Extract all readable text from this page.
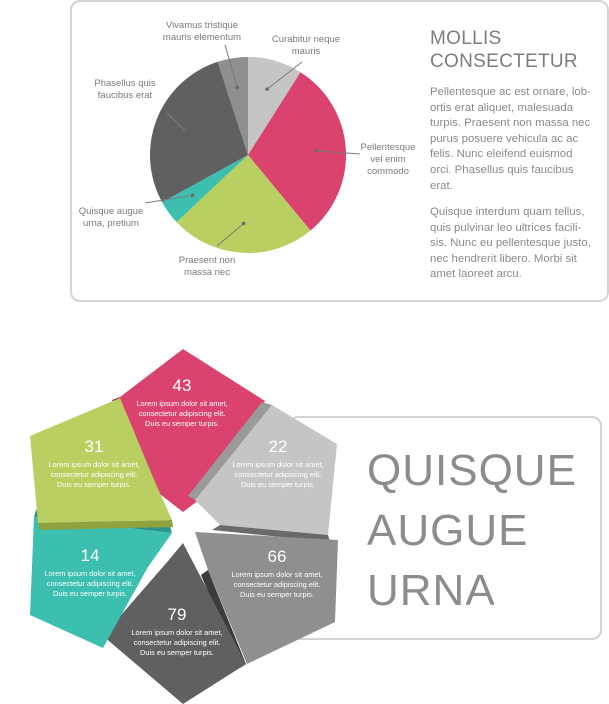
Curabitur neque
mauris
Pellentesque
vel enim
commodo
Praesent non
massa nec
Quisque augue
urna, pretium
Phasellus quis
faucibus erat
Vivamus tristique
mauris elementum	MOLLIS
CONSECTETUR
Pellentesque ac est ornare, lob-
ortis erat aliquet, malesuada
turpis. Praesent non massa nec
purus posuere vehicula ac ac
felis. Nunc eleifend euismod
orci. Phasellus quis faucibus
erat.
Quisque interdum quam tellus,
quis pulvinar leo ultrices facili-
sis. Nunc eu pellentesque justo,
nec hendrerit libero. Morbi sit
amet laoreet arcu.
43
Lorem ipsum dolor sit amet,
consectetur adipiscing elit.
Duis eu semper turpis.
22
Lorem ipsum dolor sit amet,
consectetur adipiscing elit.
Duis eu semper turpis.
66
Lorem ipsum dolor sit amet,
consectetur adipiscing elit.
Duis eu semper turpis.
79
Lorem ipsum dolor sit amet,
consectetur adipiscing elit.
Duis eu semper turpis.
14
Lorem ipsum dolor sit amet,
consectetur adipiscing elit.
Duis eu semper turpis.
31
Lorem ipsum dolor sit amet,
consectetur adipiscing elit.
Duis eu semper turpis.	QUISQUE
AUGUE
URNA
